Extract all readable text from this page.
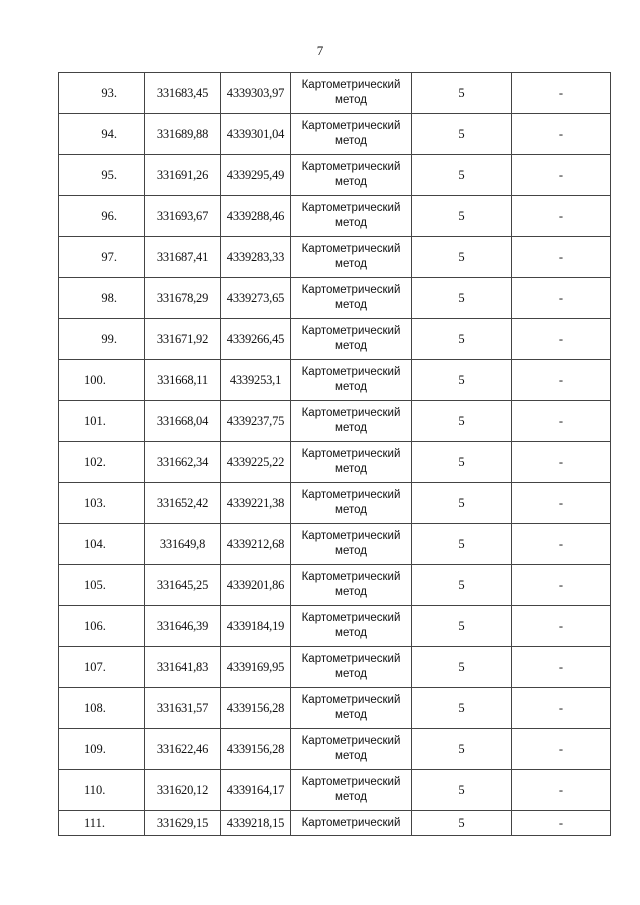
7
93.	331683,45	4339303,97	Картометрический метод	5	-
94.	331689,88	4339301,04	Картометрический метод	5	-
95.	331691,26	4339295,49	Картометрический метод	5	-
96.	331693,67	4339288,46	Картометрический метод	5	-
97.	331687,41	4339283,33	Картометрический метод	5	-
98.	331678,29	4339273,65	Картометрический метод	5	-
99.	331671,92	4339266,45	Картометрический метод	5	-
100.	331668,11	4339253,1	Картометрический метод	5	-
101.	331668,04	4339237,75	Картометрический метод	5	-
102.	331662,34	4339225,22	Картометрический метод	5	-
103.	331652,42	4339221,38	Картометрический метод	5	-
104.	331649,8	4339212,68	Картометрический метод	5	-
105.	331645,25	4339201,86	Картометрический метод	5	-
106.	331646,39	4339184,19	Картометрический метод	5	-
107.	331641,83	4339169,95	Картометрический метод	5	-
108.	331631,57	4339156,28	Картометрический метод	5	-
109.	331622,46	4339156,28	Картометрический метод	5	-
110.	331620,12	4339164,17	Картометрический метод	5	-
111.	331629,15	4339218,15	Картометрический	5	-
